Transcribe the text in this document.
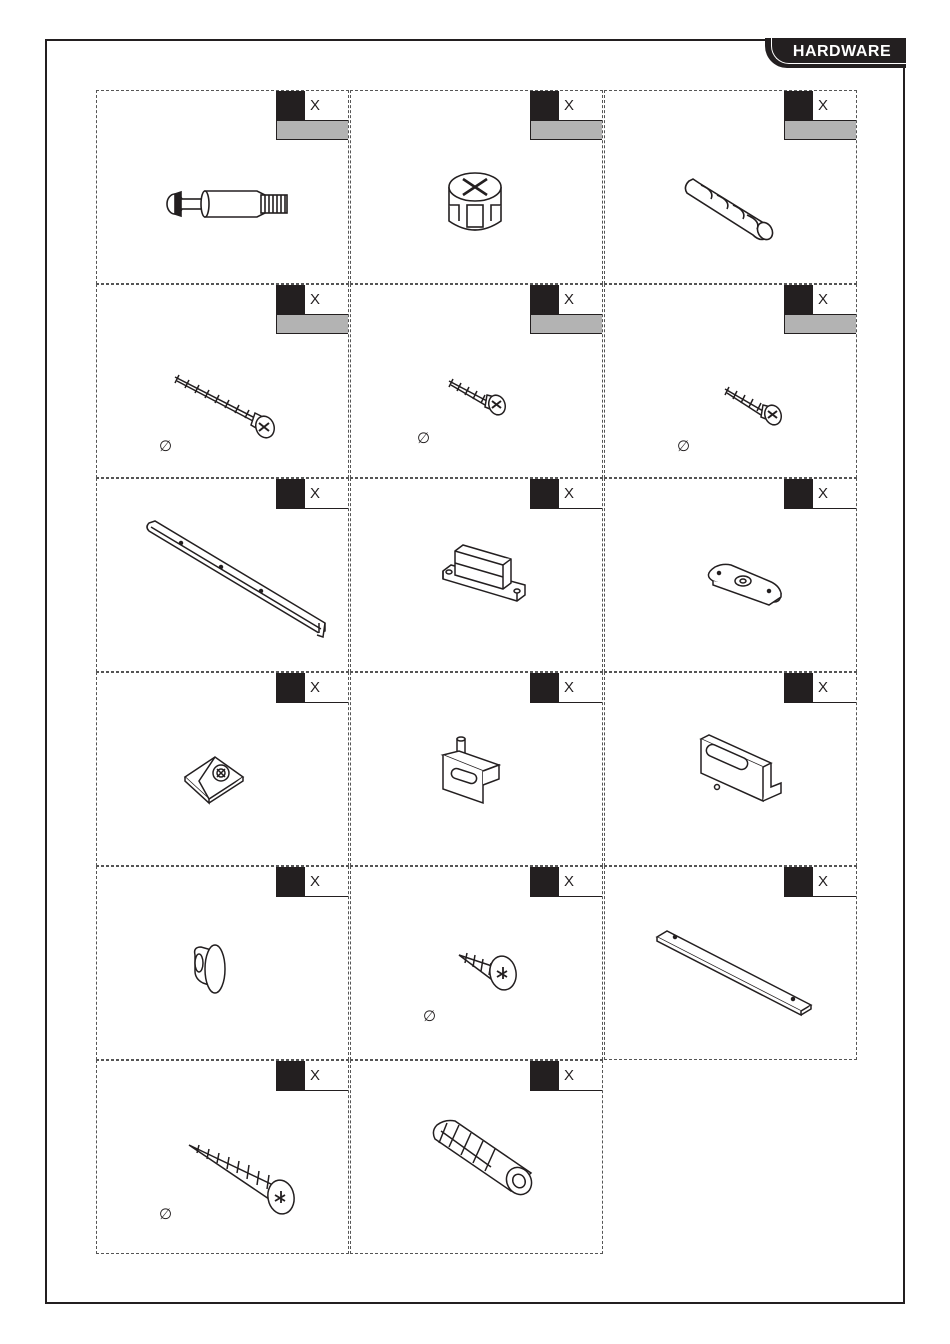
HARDWARE
X	X	X
X
∅
X
∅
X
∅
X	X	X
X	X	X
X	X
∅
X
X
∅
X
